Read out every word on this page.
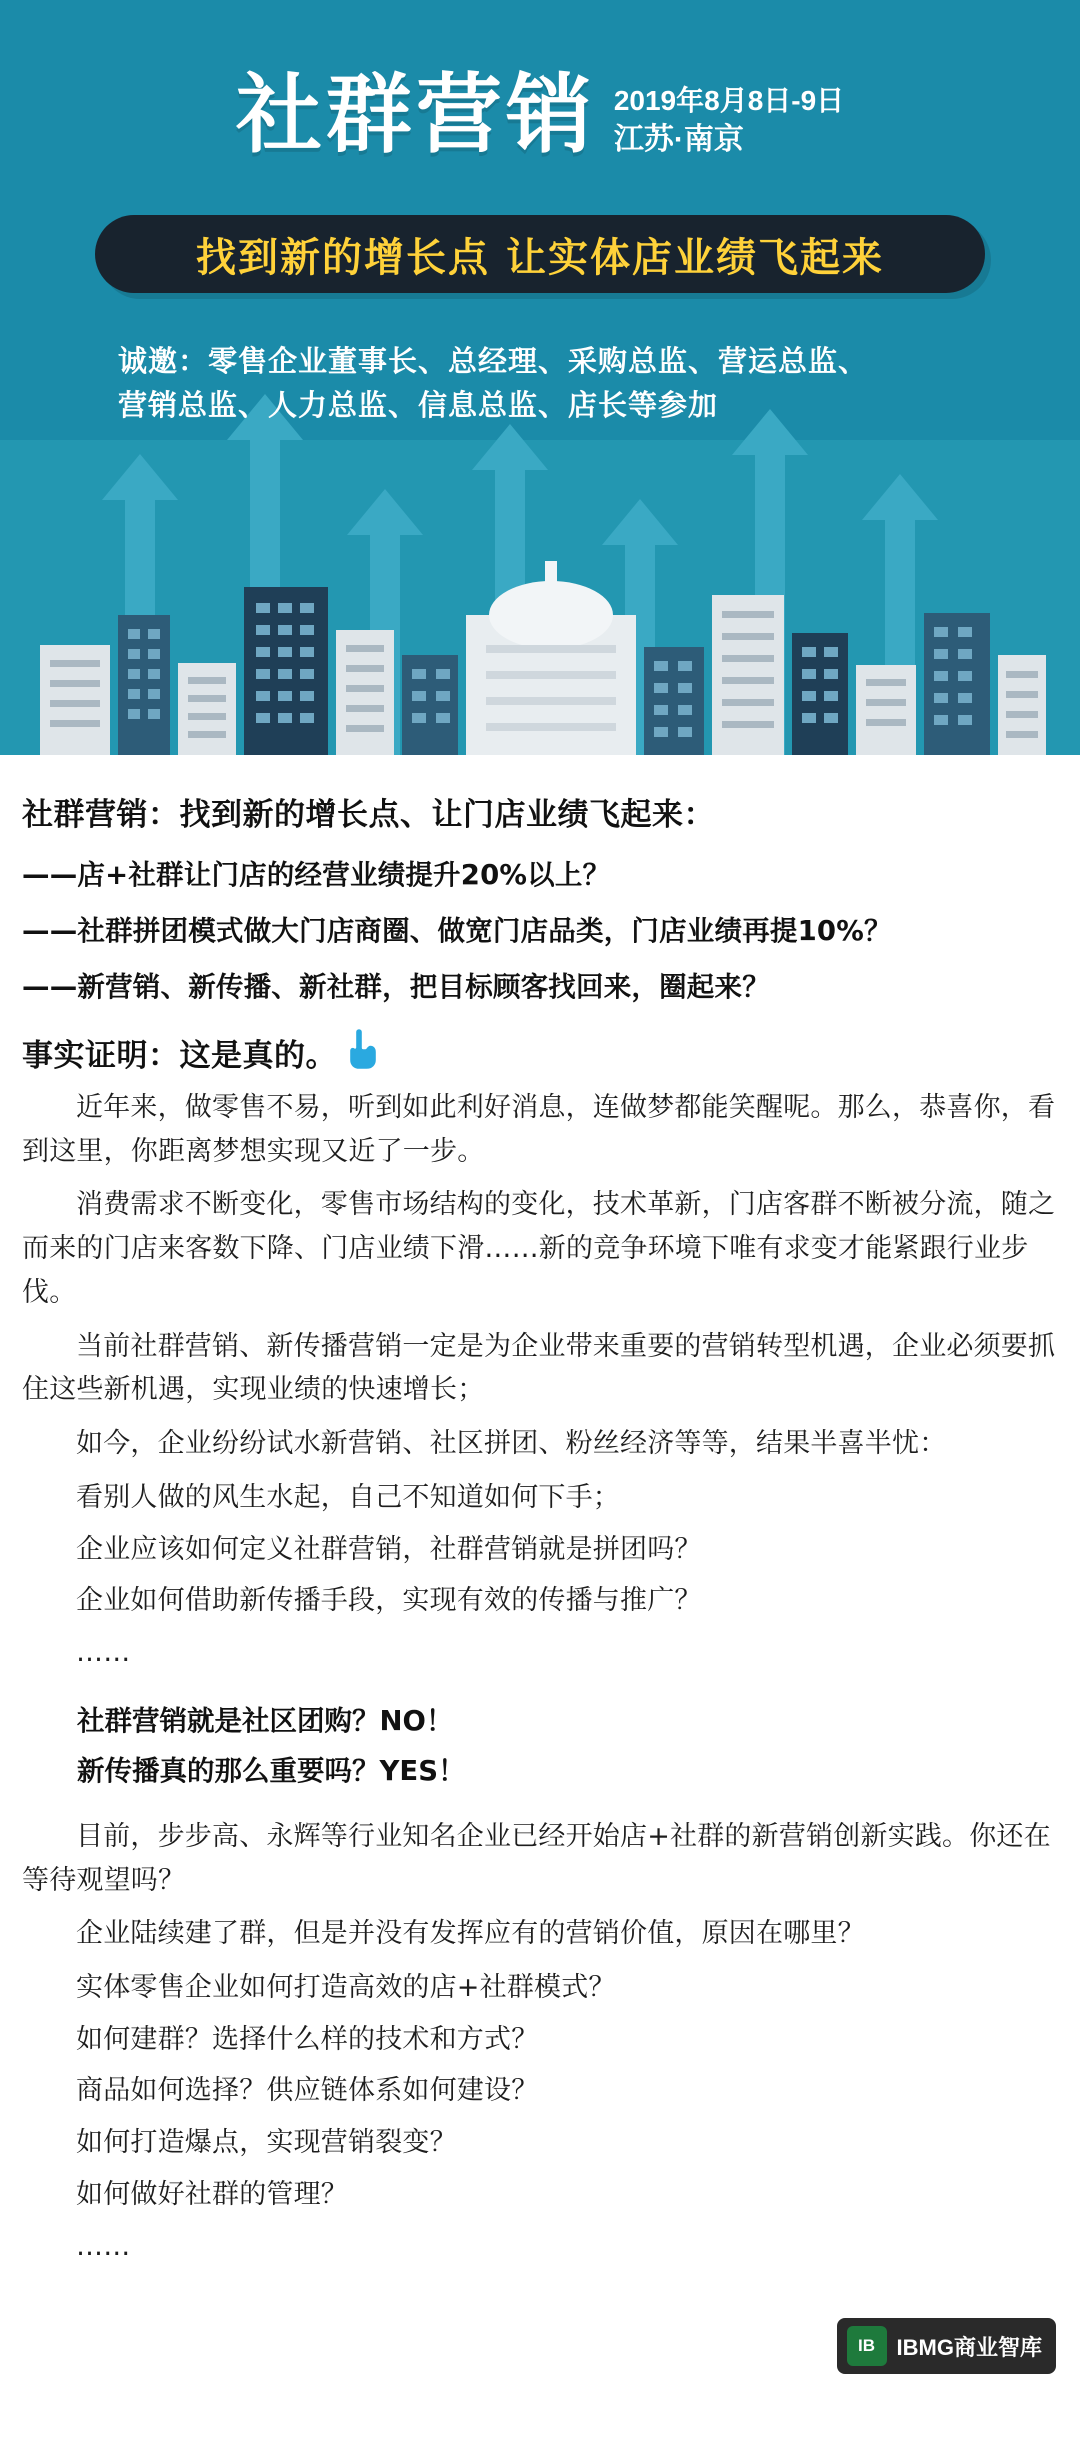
社群营销 2019年8月8日-9日
江苏·南京
找到新的增长点 让实体店业绩飞起来
诚邀：零售企业董事长、总经理、采购总监、营运总监、
营销总监、人力总监、信息总监、店长等参加
社群营销：找到新的增长点、让门店业绩飞起来：
——店+社群让门店的经营业绩提升20%以上？
——社群拼团模式做大门店商圈、做宽门店品类，门店业绩再提10%？
——新营销、新传播、新社群，把目标顾客找回来，圈起来？
事实证明：这是真的。

近年来，做零售不易，听到如此利好消息，连做梦都能笑醒呢。那么，恭喜你，看到这里，你距离梦想实现又近了一步。

消费需求不断变化，零售市场结构的变化，技术革新，门店客群不断被分流，随之而来的门店来客数下降、门店业绩下滑……新的竞争环境下唯有求变才能紧跟行业步伐。

当前社群营销、新传播营销一定是为企业带来重要的营销转型机遇，企业必须要抓住这些新机遇，实现业绩的快速增长；

如今，企业纷纷试水新营销、社区拼团、粉丝经济等等，结果半喜半忧：

看别人做的风生水起，自己不知道如何下手；

企业应该如何定义社群营销，社群营销就是拼团吗？

企业如何借助新传播手段，实现有效的传播与推广？

……

社群营销就是社区团购？NO！

新传播真的那么重要吗？YES！

目前，步步高、永辉等行业知名企业已经开始店+社群的新营销创新实践。你还在等待观望吗？

企业陆续建了群，但是并没有发挥应有的营销价值，原因在哪里？

实体零售企业如何打造高效的店+社群模式？

如何建群？选择什么样的技术和方式？

商品如何选择？供应链体系如何建设？

如何打造爆点，实现营销裂变？

如何做好社群的管理？

……

IB IBMG商业智库
